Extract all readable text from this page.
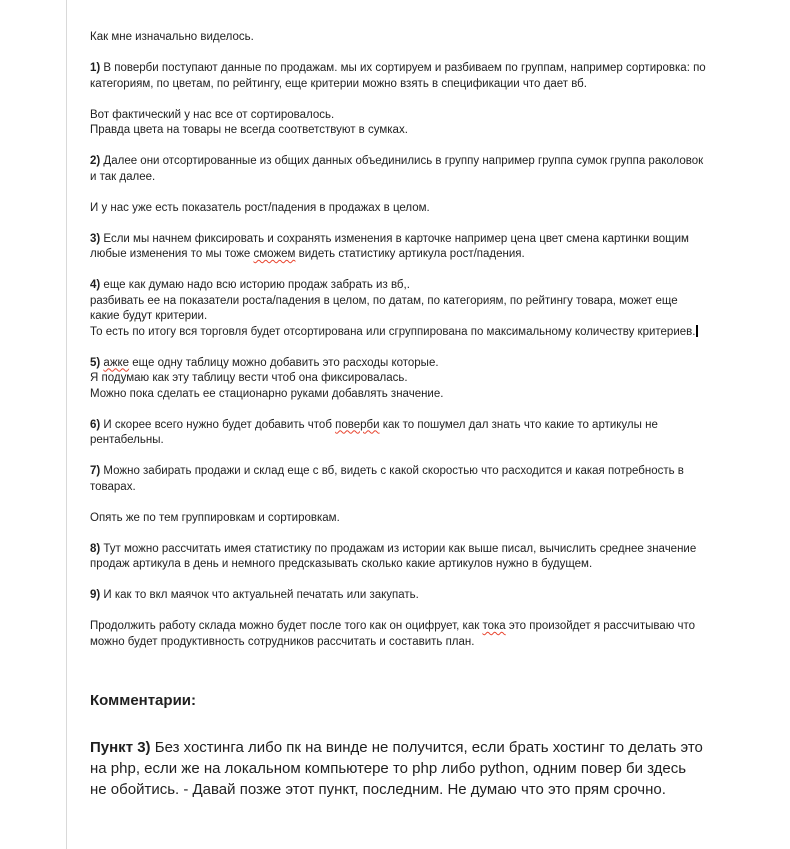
Как мне изначально виделось.
1) В поверби поступают данные по продажам. мы их сортируем и разбиваем по группам, например сортировка: по категориям, по цветам, по рейтингу, еще критерии можно взять в спецификации что дает вб.
Вот фактический у нас все от сортировалось.
Правда цвета на товары не всегда соответствуют в сумках.
2) Далее они отсортированные из общих данных объединились в группу например группа сумок группа раколовок и так далее.
И у нас уже есть показатель рост/падения в продажах в целом.
3) Если мы начнем фиксировать и сохранять изменения в карточке например цена цвет смена картинки вощим любые изменения то мы тоже сможем видеть статистику артикула рост/падения.
4) еще как думаю надо всю историю продаж забрать из вб,.
разбивать ее на показатели роста/падения в целом, по датам, по категориям, по рейтингу товара, может еще какие будут критерии.
То есть по итогу вся торговля будет отсортирована или сгруппирована по максимальному количеству критериев.
5) ажке еще одну таблицу можно добавить это расходы которые.
Я подумаю как эту таблицу вести чтоб она фиксировалась.
Можно пока сделать ее стационарно руками добавлять значение.
6) И скорее всего нужно будет добавить чтоб поверби как то пошумел дал знать что какие то артикулы не рентабельны.
7) Можно забирать продажи и склад еще с вб, видеть с какой скоростью что расходится и какая потребность в товарах.
Опять же по тем группировкам и сортировкам.
8) Тут можно рассчитать имея статистику по продажам из истории как выше писал, вычислить среднее значение продаж артикула в день и немного предсказывать сколько какие артикулов нужно в будущем.
9) И как то вкл маячок что актуальней печатать или закупать.
Продолжить работу склада можно будет после того как он оцифрует, как тока это произойдет я рассчитываю что можно будет продуктивность сотрудников рассчитать и составить план.
Комментарии:
Пункт 3) Без хостинга либо пк на винде не получится, если брать хостинг то делать это на php, если же на локальном компьютере то php либо python, одним повер би здесь не обойтись. - Давай позже этот пункт, последним. Не думаю что это прям срочно.
